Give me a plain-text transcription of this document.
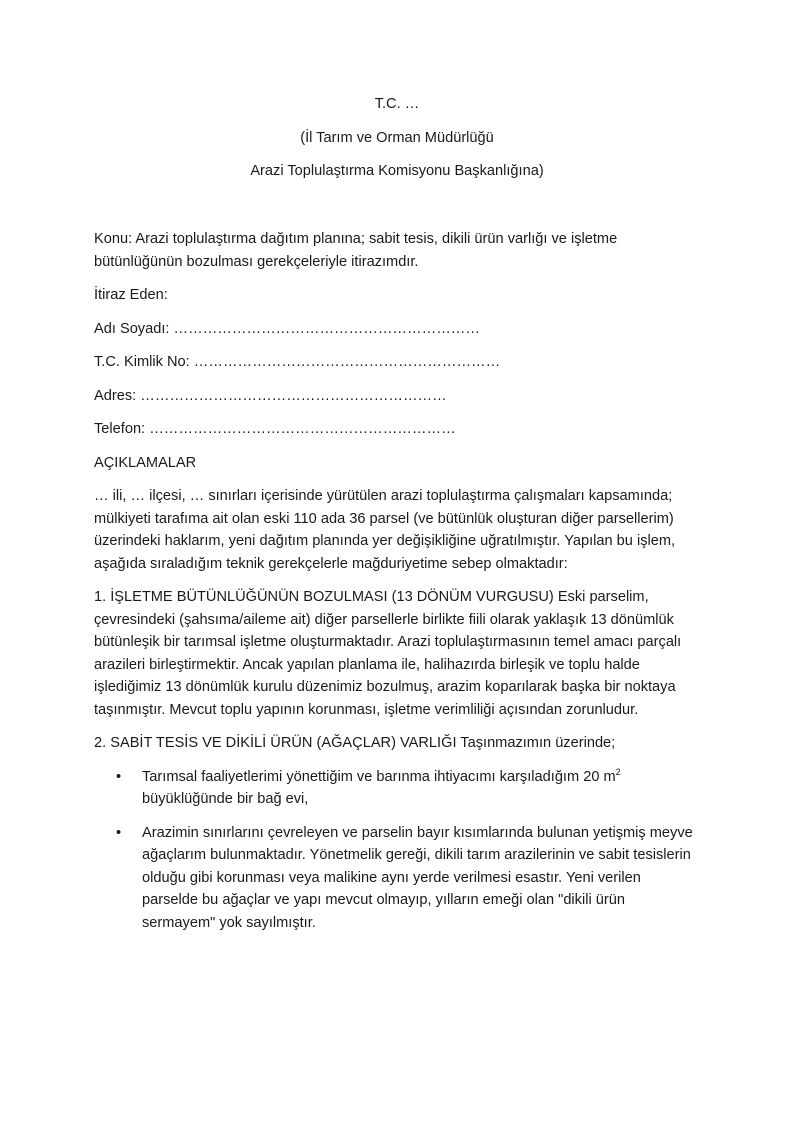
T.C. …
(İl Tarım ve Orman Müdürlüğü
Arazi Toplulaştırma Komisyonu Başkanlığına)

Konu: Arazi toplulaştırma dağıtım planına; sabit tesis, dikili ürün varlığı ve işletme bütünlüğünün bozulması gerekçeleriyle itirazımdır.

İtiraz Eden:

Adı Soyadı: ………………………………………………………
T.C. Kimlik No: ………………………………………………………
Adres: ………………………………………………………
Telefon: ………………………………………………………

AÇIKLAMALAR

… ili, … ilçesi, … sınırları içerisinde yürütülen arazi toplulaştırma çalışmaları kapsamında; mülkiyeti tarafıma ait olan eski 110 ada 36 parsel (ve bütünlük oluşturan diğer parsellerim) üzerindeki haklarım, yeni dağıtım planında yer değişikliğine uğratılmıştır. Yapılan bu işlem, aşağıda sıraladığım teknik gerekçelerle mağduriyetime sebep olmaktadır:

1. İŞLETME BÜTÜNLÜĞÜNÜN BOZULMASI (13 DÖNÜM VURGUSU) Eski parselim, çevresindeki (şahsıma/aileme ait) diğer parsellerle birlikte fiili olarak yaklaşık 13 dönümlük bütünleşik bir tarımsal işletme oluşturmaktadır. Arazi toplulaştırmasının temel amacı parçalı arazileri birleştirmektir. Ancak yapılan planlama ile, halihazırda birleşik ve toplu halde işlediğimiz 13 dönümlük kurulu düzenimiz bozulmuş, arazim koparılarak başka bir noktaya taşınmıştır. Mevcut toplu yapının korunması, işletme verimliliği açısından zorunludur.

2. SABİT TESİS VE DİKİLİ ÜRÜN (AĞAÇLAR) VARLIĞI Taşınmazımın üzerinde;

• Tarımsal faaliyetlerimi yönettiğim ve barınma ihtiyacımı karşıladığım 20 $m^2$ büyüklüğünde bir bağ evi,
• Arazimin sınırlarını çevreleyen ve parselin bayır kısımlarında bulunan yetişmiş meyve ağaçlarım bulunmaktadır. Yönetmelik gereği, dikili tarım arazilerinin ve sabit tesislerin olduğu gibi korunması veya malikine aynı yerde verilmesi esastır. Yeni verilen parselde bu ağaçlar ve yapı mevcut olmayıp, yılların emeği olan "dikili ürün sermayem" yok sayılmıştır.
